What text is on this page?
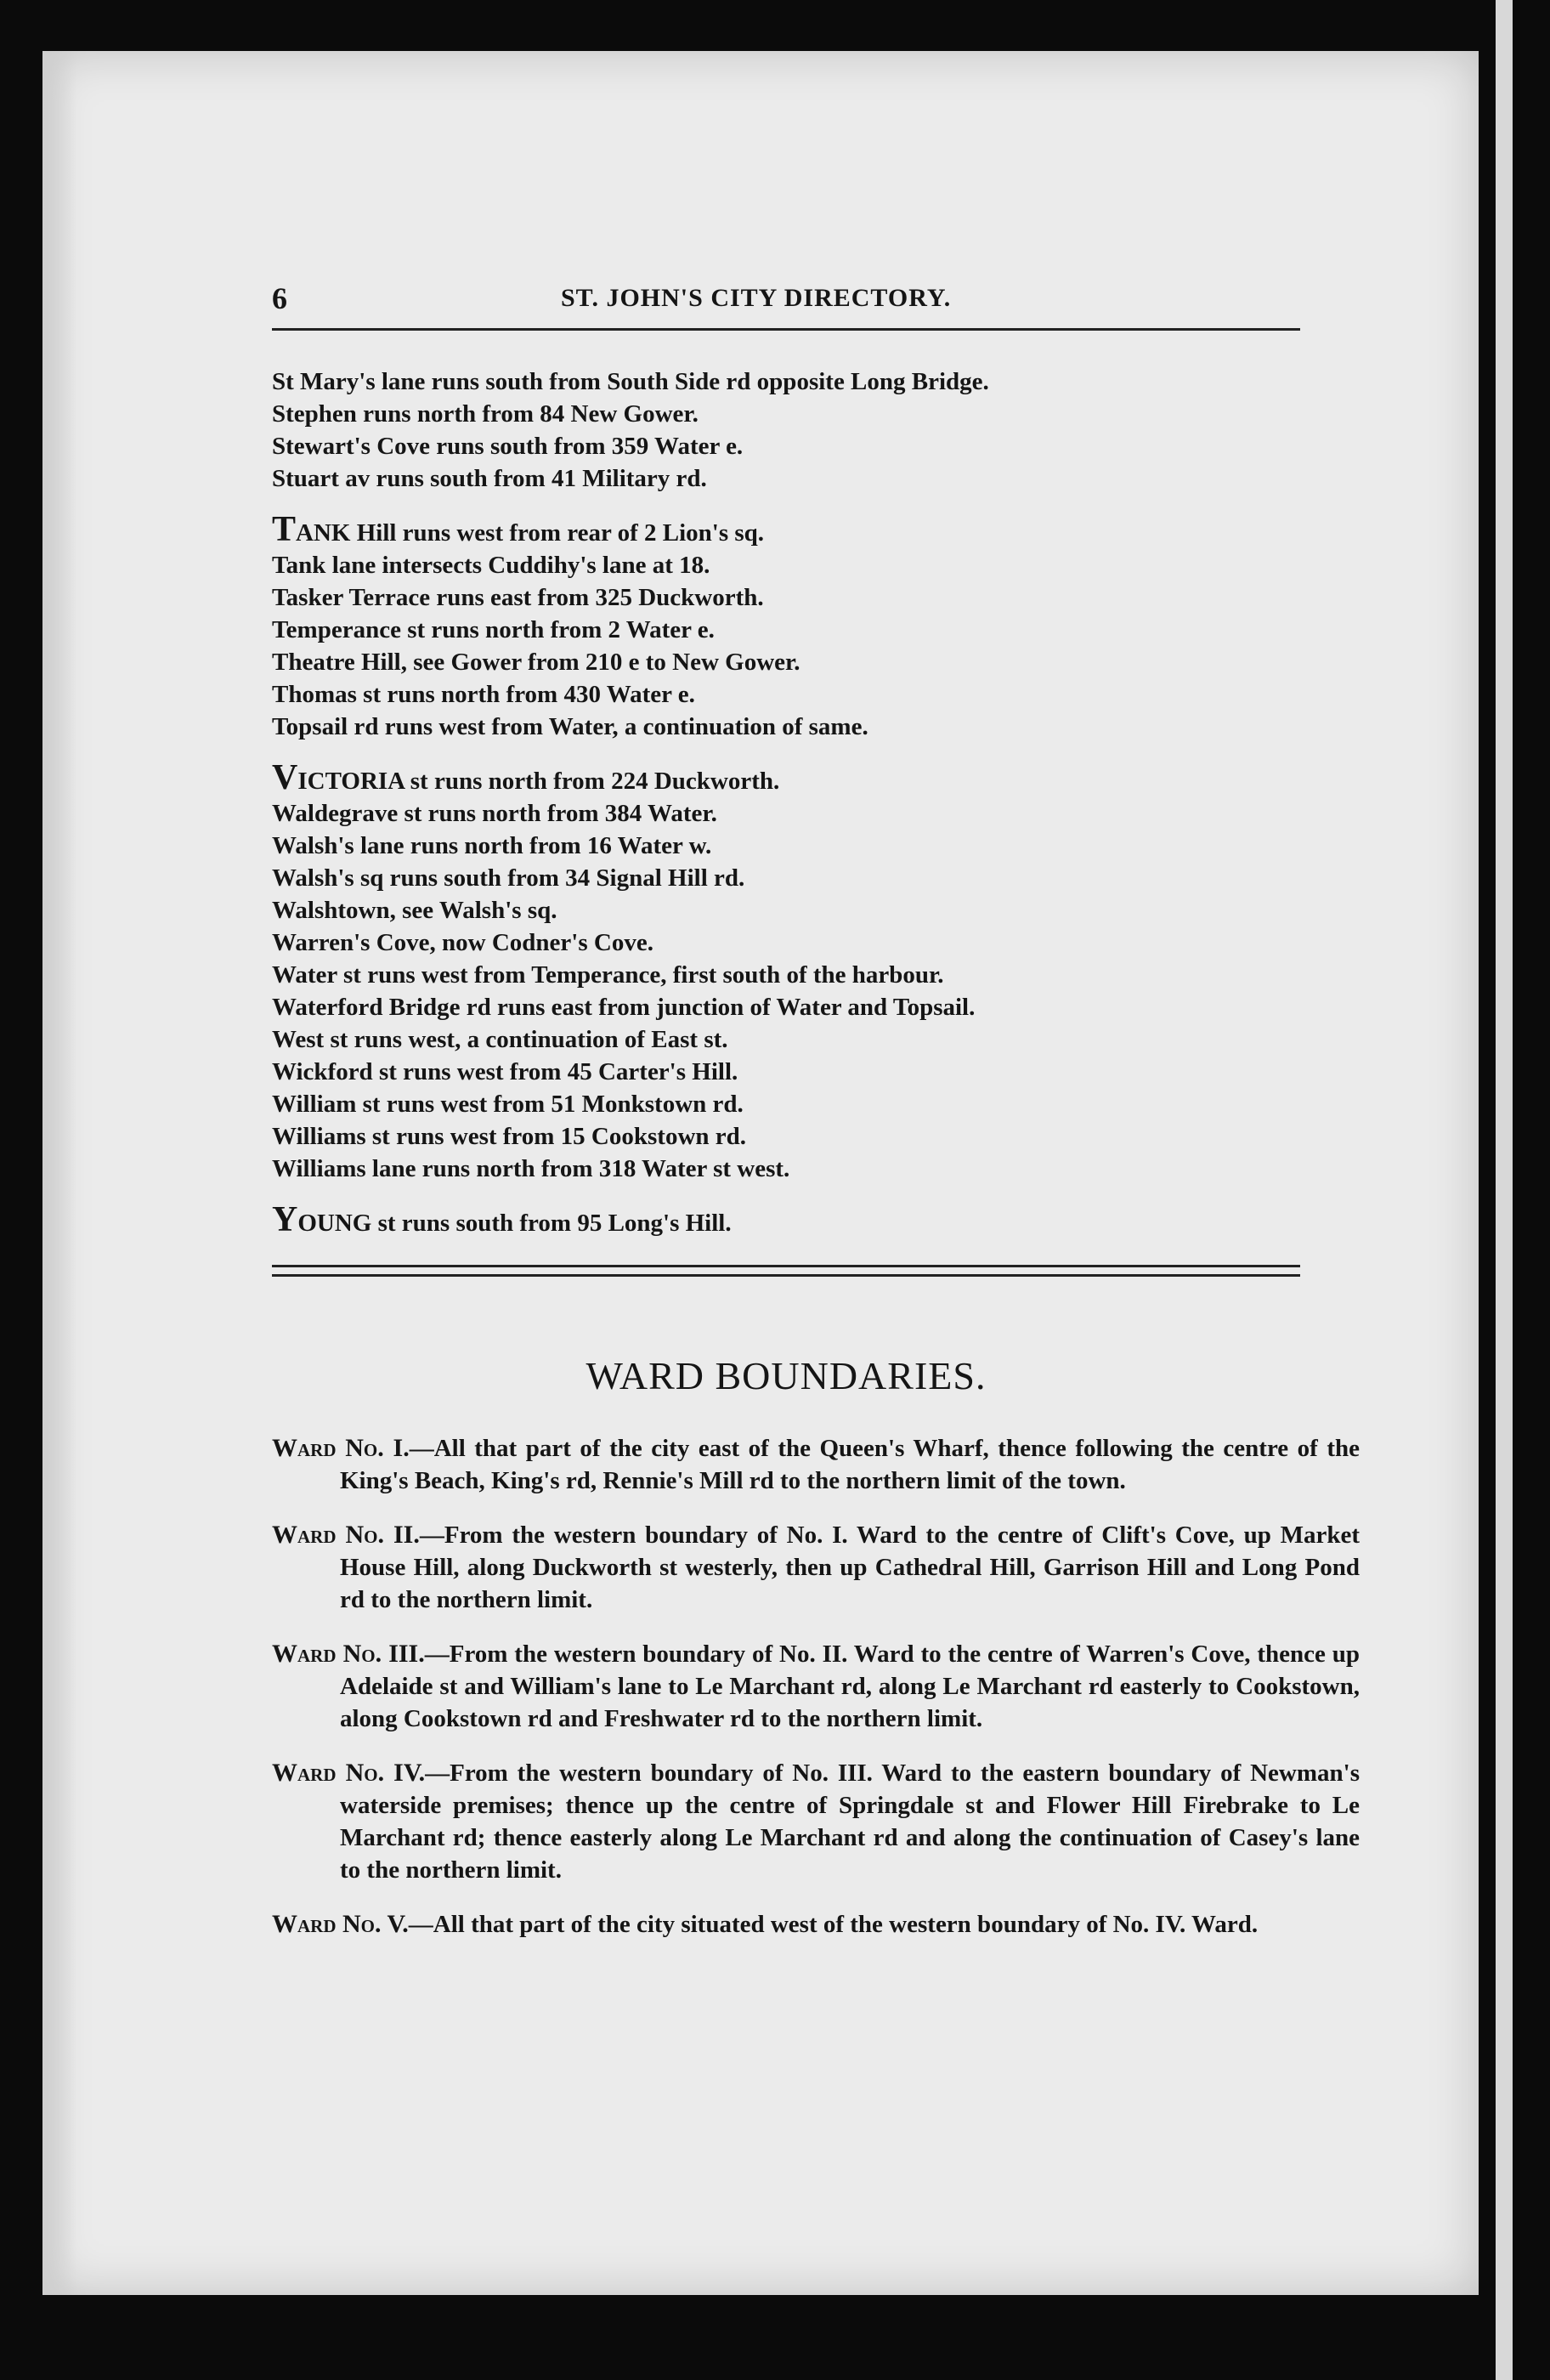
6	ST. JOHN'S CITY DIRECTORY.
St Mary's lane runs south from South Side rd opposite Long Bridge.
Stephen runs north from 84 New Gower.
Stewart's Cove runs south from 359 Water e.
Stuart av runs south from 41 Military rd.
TANK Hill runs west from rear of 2 Lion's sq.
Tank lane intersects Cuddihy's lane at 18.
Tasker Terrace runs east from 325 Duckworth.
Temperance st runs north from 2 Water e.
Theatre Hill, see Gower from 210 e to New Gower.
Thomas st runs north from 430 Water e.
Topsail rd runs west from Water, a continuation of same.
VICTORIA st runs north from 224 Duckworth.
Waldegrave st runs north from 384 Water.
Walsh's lane runs north from 16 Water w.
Walsh's sq runs south from 34 Signal Hill rd.
Walshtown, see Walsh's sq.
Warren's Cove, now Codner's Cove.
Water st runs west from Temperance, first south of the harbour.
Waterford Bridge rd runs east from junction of Water and Topsail.
West st runs west, a continuation of East st.
Wickford st runs west from 45 Carter's Hill.
William st runs west from 51 Monkstown rd.
Williams st runs west from 15 Cookstown rd.
Williams lane runs north from 318 Water st west.
YOUNG st runs south from 95 Long's Hill.
WARD BOUNDARIES.
Ward No. I.—All that part of the city east of the Queen's Wharf, thence following the centre of the King's Beach, King's rd, Rennie's Mill rd to the northern limit of the town.
Ward No. II.—From the western boundary of No. I. Ward to the centre of Clift's Cove, up Market House Hill, along Duckworth st westerly, then up Cathedral Hill, Garrison Hill and Long Pond rd to the northern limit.
Ward No. III.—From the western boundary of No. II. Ward to the centre of Warren's Cove, thence up Adelaide st and William's lane to Le Marchant rd, along Le Marchant rd easterly to Cookstown, along Cookstown rd and Freshwater rd to the northern limit.
Ward No. IV.—From the western boundary of No. III. Ward to the eastern boundary of Newman's waterside premises; thence up the centre of Springdale st and Flower Hill Firebrake to Le Marchant rd; thence easterly along Le Marchant rd and along the continuation of Casey's lane to the northern limit.
Ward No. V.—All that part of the city situated west of the western boundary of No. IV. Ward.
